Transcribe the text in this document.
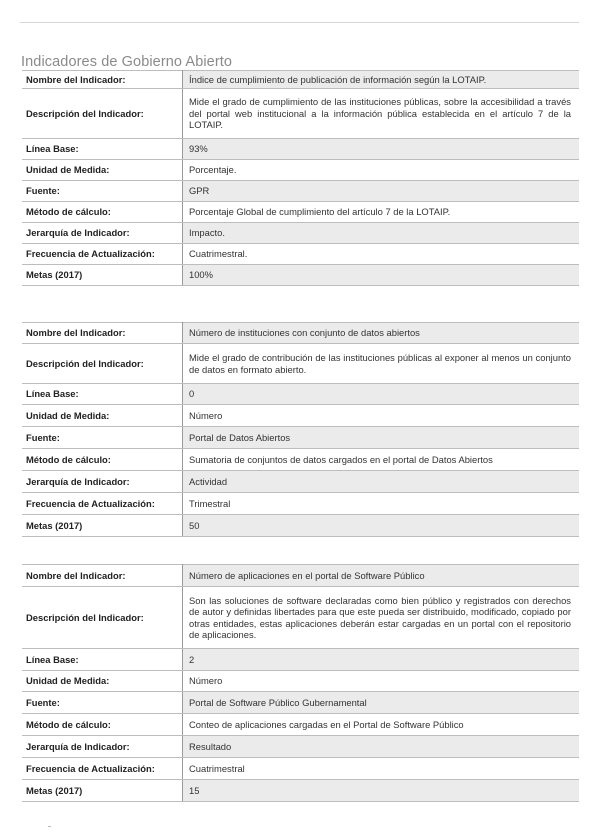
Indicadores de Gobierno Abierto
Nombre del Indicador:	Índice de cumplimiento de publicación de información según la LOTAIP.
Descripción del Indicador:	Mide el grado de cumplimiento de las instituciones públicas, sobre la accesibilidad a través del portal web institucional a la información pública establecida en el artículo 7 de la LOTAIP.
Línea Base:	93%
Unidad de Medida:	Porcentaje.
Fuente:	GPR
Método de cálculo:	Porcentaje Global de cumplimiento del artículo 7 de la LOTAIP.
Jerarquía de Indicador:	Impacto.
Frecuencia de Actualización:	Cuatrimestral.
Metas (2017)	100%
Nombre del Indicador:	Número de instituciones con conjunto de datos abiertos
Descripción del Indicador:	Mide el grado de contribución de las instituciones públicas al exponer al menos un conjunto de datos en formato abierto.
Línea Base:	0
Unidad de Medida:	Número
Fuente:	Portal de Datos Abiertos
Método de cálculo:	Sumatoria de conjuntos de datos cargados en el portal de Datos Abiertos
Jerarquía de Indicador:	Actividad
Frecuencia de Actualización:	Trimestral
Metas (2017)	50
Nombre del Indicador:	Número de aplicaciones en el portal de Software Público
Descripción del Indicador:	Son las soluciones de software declaradas como bien público y registrados con derechos de autor y definidas libertades para que este pueda ser distribuido, modificado, copiado por otras entidades, estas aplicaciones deberán estar cargadas en un portal con el repositorio de aplicaciones.
Línea Base:	2
Unidad de Medida:	Número
Fuente:	Portal de Software Público Gubernamental
Método de cálculo:	Conteo de aplicaciones cargadas en el Portal de Software Público
Jerarquía de Indicador:	Resultado
Frecuencia de Actualización:	Cuatrimestral
Metas (2017)	15
